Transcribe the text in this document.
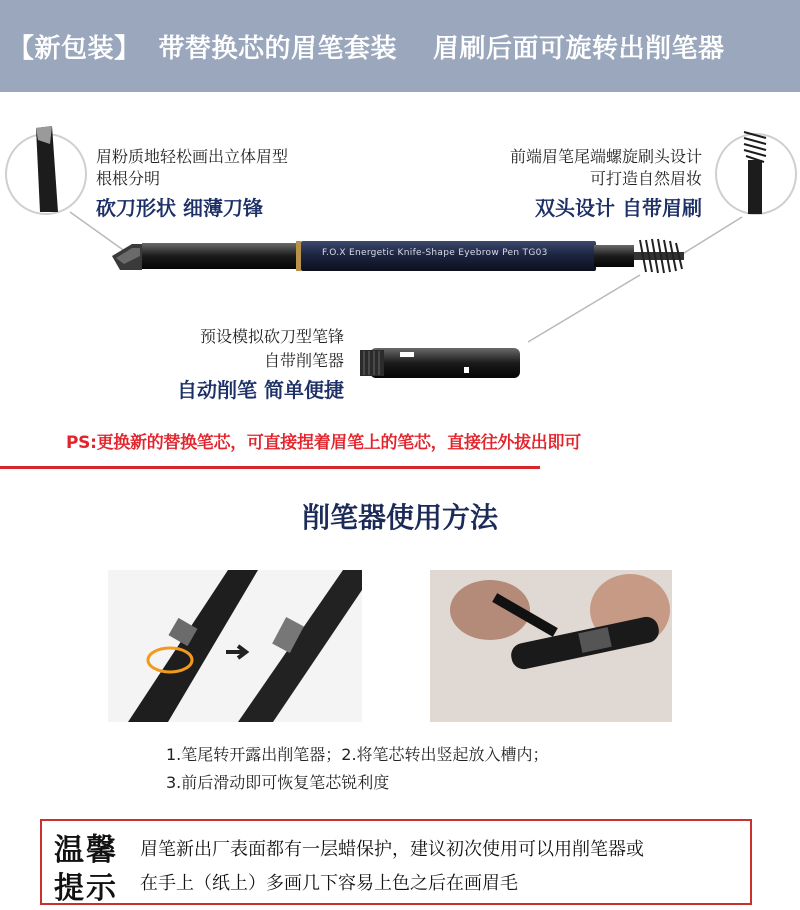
【新包装】 带替换芯的眉笔套装 眉刷后面可旋转出削笔器
F.O.X Energetic Knife-Shape Eyebrow Pen TG03
眉粉质地轻松画出立体眉型
根根分明
砍刀形状 细薄刀锋
前端眉笔尾端螺旋刷头设计
可打造自然眉妆
双头设计 自带眉刷
预设模拟砍刀型笔锋
自带削笔器
自动削笔 简单便捷
PS:更换新的替换笔芯，可直接捏着眉笔上的笔芯，直接往外拔出即可
削笔器使用方法
1.笔尾转开露出削笔器；2.将笔芯转出竖起放入槽内；
3.前后滑动即可恢复笔芯锐利度
温馨
提示
眉笔新出厂表面都有一层蜡保护，建议初次使用可以用削笔器或
在手上（纸上）多画几下容易上色之后在画眉毛
